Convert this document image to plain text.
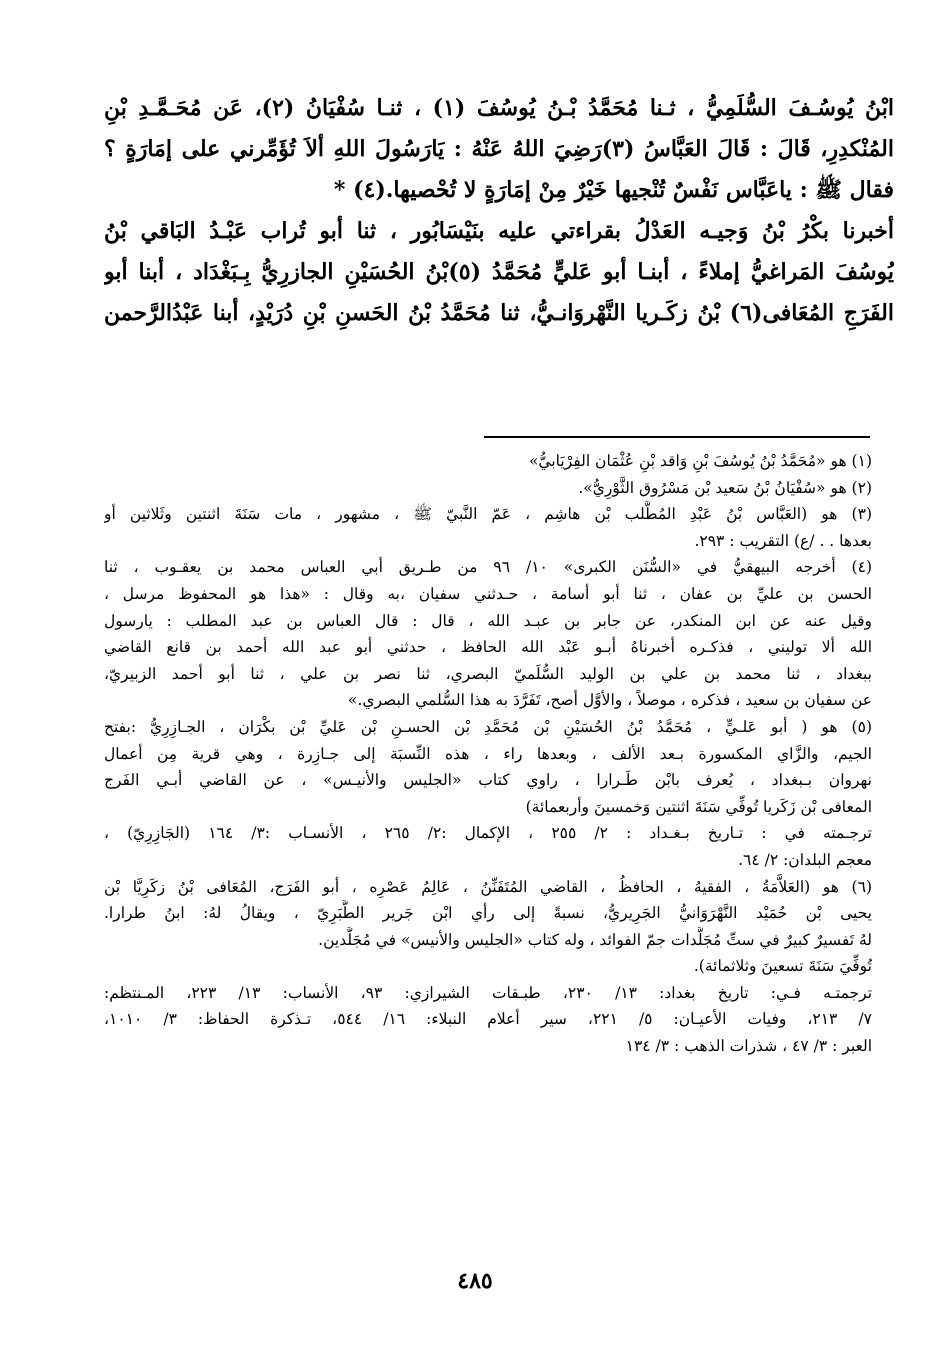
ابْنُ يُوسُـفَ السُّلَمِيُّ ، ثـنا مُحَمَّدُ بْـنُ يُوسُفَ (١) ، ثنـا سُفْيَانُ (٢)، عَن مُحَـمَّـدِ بْنِ
المُنْكدِرِ، قَالَ : قَالَ العَبَّاسُ (٣)رَضِيَ اللهُ عَنْهُ : يَارَسُولَ اللهِ ألاَ تُؤَمِّرني على إمَارَةٍ ؟
فقال ﷺ : ياعَبَّاس نَفْسٌ تُنْجيها خَيْرٌ مِنْ إمَارَةٍ لا تُحْصيها.(٤) *
أخبرنا بكْرُ بْنُ وَجيـه العَدْلُ بقراءتي عليه بنَيْسَابُور ، ثنا أبو تُراب عَبْـدُ البَاقي بْنُ
يُوسُفَ المَراغيُّ إملاءً ، أبنـا أبو عَليٍّ مُحَمَّدُ (٥)بْنُ الحُسَيْنِ الجازرِيُّ بِـبَغْدَاد ، أبنا أبو
الفَرَجِ المُعَافى(٦) بْنُ زكَـريا النَّهْروَانـيُّ، ثنا مُحَمَّدُ بْنُ الحَسنِ بْنِ دُرَيْدٍ، أبنا عَبْدُالرَّحمن
(١) هو «مُحَمَّدُ بْنُ يُوسُفَ بْنِ وَاقد بْنِ عُثْمَان الفِرْيَابيُّ»
(٢) هو «سُفْيَانُ بْنُ سَعيد بْن مَسْرُوق الثَّوْرِيُّ».
(٣) هو (العَبَّاس بْنُ عَبْدِ المُطَّلب بْن هاشِم ، عَمّ النَّبيّ ﷺ ، مشهور ، مات سَنَةَ اثنتين وثَلاثين أو
بعدها . . /ع) التقريب : ٢٩٣.
(٤) أخرجه البيهقيُّ في «السُّنَن الكبرى» ١٠/ ٩٦ من طـريق أبي العباس محمد بن يعقـوب ، ثنا
الحسن بن عليِّ بن عفان ، ثنا أبو أسامة ، حـدثني سفيان ،به وقال : «هذا هو المحفوظ مرسل ،
وقيل عنه عن ابن المنكدر، عن جابر بن عبـد الله ، قال : قال العباس بن عبد المطلب : يارسول
الله ألا توليني ، فذكـره أخبرناهُ أبـو عَبْد الله الحافظ ، حدثني أبو عبد الله أحمد بن قانع القاضي
ببغداد ، ثنا محمد بن علي بن الوليد السُّلَميّ البصري، ثنا نصر بن علي ، ثنا أبو أحمد الزبيريّ،
عن سفيان بن سعيد ، فذكره ، موصلاً ، والأوَّل أصح، تَفَرَّدَ به هذا السُّلمي البصري.»
(٥) هو ( أبو عَلـيٍّ ، مُحَمَّدُ بْنُ الحُسَيْنِ بْن مُحَمَّدِ بْن الحسـنِ بْن عَليِّ بْن بكْرَان ، الجـازِرِيُّ :بفتح
الجيم، والزَّاي المكسورة بـعد الألف ، وبعدها راء ، هذه النِّسبَة إلى جـازِرة ، وهي قرية مِن أعمال
نهروان بـبغداد ، يُعرف بابْن طَـرارا ، راوي كتاب «الجليس والأنيـس» ، عن القاضي أبـي الفَرج
المعافى بْن زَكَريا تُوفِّي سَنَةَ اثنتين وَخمسينَ وأربعمائة)
ترجـمته في : تـاريخ بـغـداد : ٢/ ٢٥٥ ، الإكمال :٢/ ٢٦٥ ، الأنسـاب :٣/ ١٦٤ (الجَازِرِيّ) ،
معجم البلدان: ٢/ ٦٤.
(٦) هو (العَلاَّمَةُ ، الفقيهُ ، الحافظُ ، القاضي المُتَفَنِّنُ ، عَالِمُ عَصْرِه ، أبو الفَرَج، المُعَافى بْنُ زكَرِيَّا بْن
يحيى بْن حُمَيْد النَّهْرَوَانيُّ الجَرِيريُّ، نسبةً إلى رأي ابْن جَرير الطَّبَرِيّ ، ويقالُ لهُ: ابنُ طرارا.
لهُ تَفسيرٌ كبيرٌ في ستِّ مُجَلَّدات جمّ الفوائد ، وله كتاب «الجليس والأنيس» في مُجَلَّدين.
تُوفِّيَ سَنَةَ تسعينَ وثلاثمائة).
ترجمتـه فـي: تاريخ بغداد: ١٣/ ٢٣٠، طبـقات الشيرازي: ٩٣، الأنساب: ١٣/ ٢٢٣، المـنتظم:
٧/ ٢١٣، وفيات الأعيـان: ٥/ ٢٢١، سير أعلام النبلاء: ١٦/ ٥٤٤، تـذكرة الحفاظ: ٣/ ١٠١٠،
العبر : ٣/ ٤٧ ، شذرات الذهب : ٣/ ١٣٤
٤٨٥
